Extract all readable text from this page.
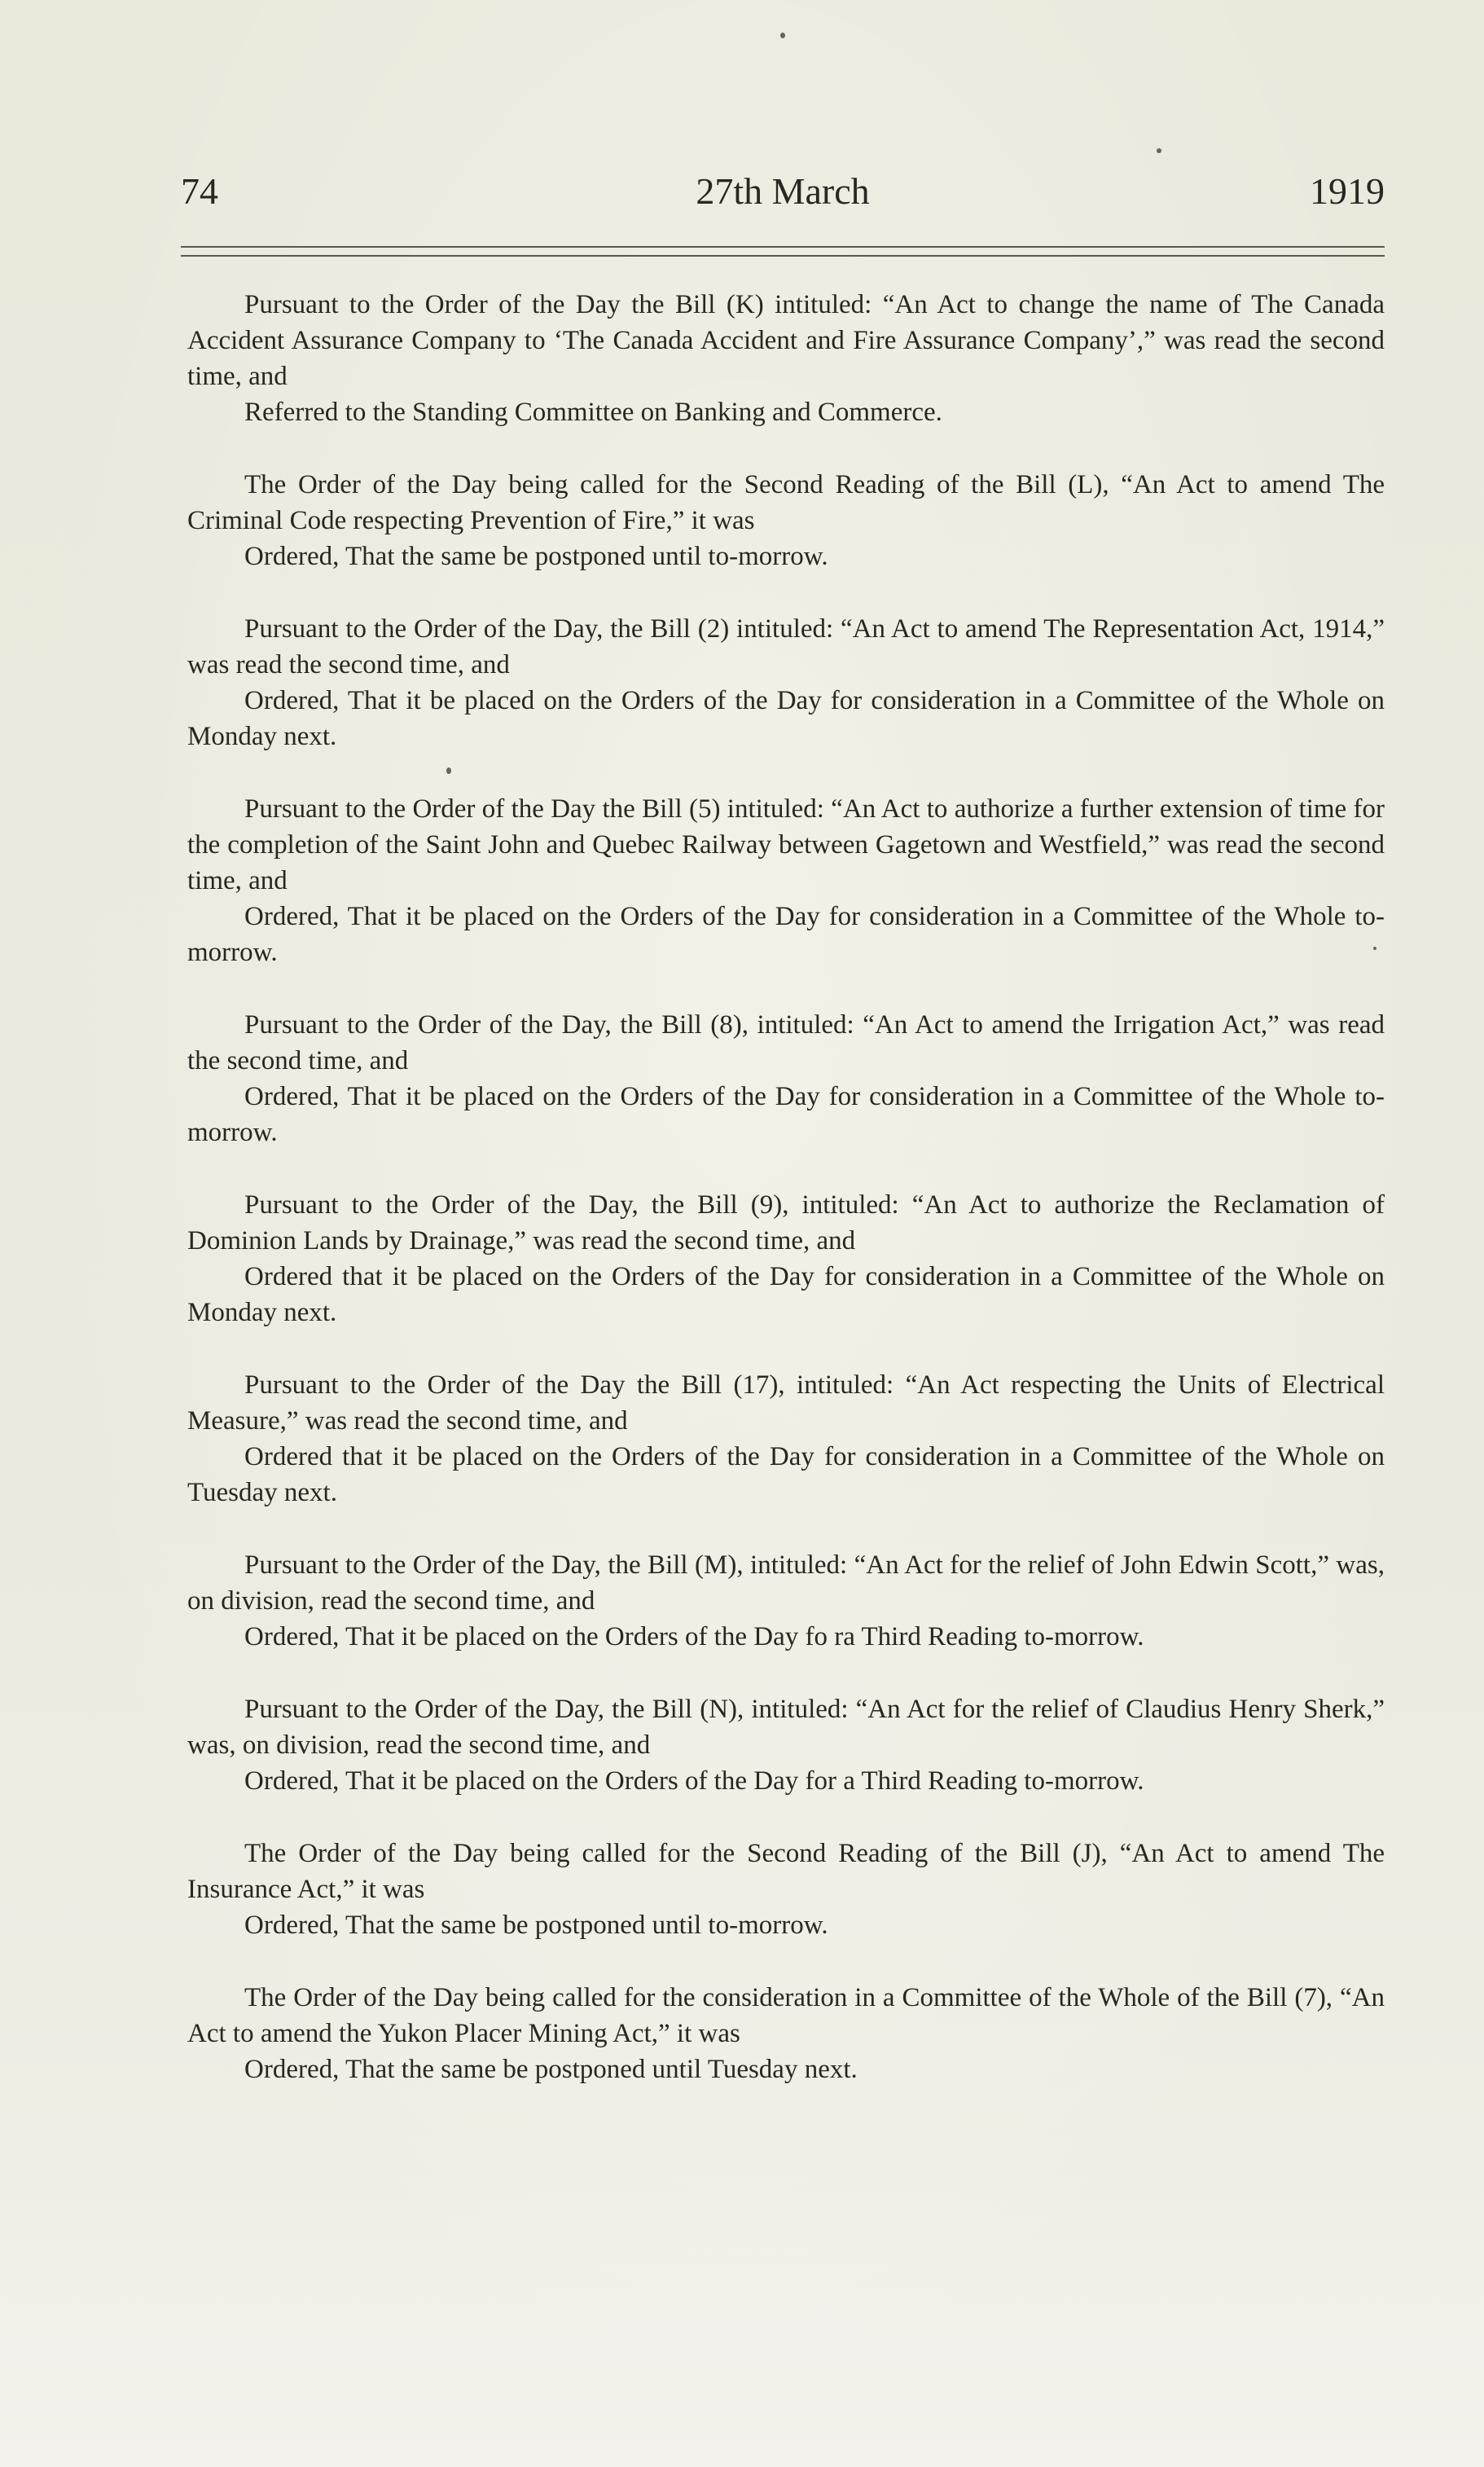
74	27th March	1919

Pursuant to the Order of the Day the Bill (K) intituled: “An Act to change the name of The Canada Accident Assurance Company to ‘The Canada Accident and Fire Assurance Company’,” was read the second time, and

Referred to the Standing Committee on Banking and Commerce.

The Order of the Day being called for the Second Reading of the Bill (L), “An Act to amend The Criminal Code respecting Prevention of Fire,” it was

Ordered, That the same be postponed until to-morrow.

Pursuant to the Order of the Day, the Bill (2) intituled: “An Act to amend The Representation Act, 1914,” was read the second time, and

Ordered, That it be placed on the Orders of the Day for consideration in a Committee of the Whole on Monday next.

Pursuant to the Order of the Day the Bill (5) intituled: “An Act to authorize a further extension of time for the completion of the Saint John and Quebec Railway between Gagetown and Westfield,” was read the second time, and

Ordered, That it be placed on the Orders of the Day for consideration in a Committee of the Whole to-morrow.

Pursuant to the Order of the Day, the Bill (8), intituled: “An Act to amend the Irrigation Act,” was read the second time, and

Ordered, That it be placed on the Orders of the Day for consideration in a Committee of the Whole to-morrow.

Pursuant to the Order of the Day, the Bill (9), intituled: “An Act to authorize the Reclamation of Dominion Lands by Drainage,” was read the second time, and

Ordered that it be placed on the Orders of the Day for consideration in a Committee of the Whole on Monday next.

Pursuant to the Order of the Day the Bill (17), intituled: “An Act respecting the Units of Electrical Measure,” was read the second time, and

Ordered that it be placed on the Orders of the Day for consideration in a Committee of the Whole on Tuesday next.

Pursuant to the Order of the Day, the Bill (M), intituled: “An Act for the relief of John Edwin Scott,” was, on division, read the second time, and

Ordered, That it be placed on the Orders of the Day fo ra Third Reading to-morrow.

Pursuant to the Order of the Day, the Bill (N), intituled: “An Act for the relief of Claudius Henry Sherk,” was, on division, read the second time, and

Ordered, That it be placed on the Orders of the Day for a Third Reading to-morrow.

The Order of the Day being called for the Second Reading of the Bill (J), “An Act to amend The Insurance Act,” it was

Ordered, That the same be postponed until to-morrow.

The Order of the Day being called for the consideration in a Committee of the Whole of the Bill (7), “An Act to amend the Yukon Placer Mining Act,” it was

Ordered, That the same be postponed until Tuesday next.
